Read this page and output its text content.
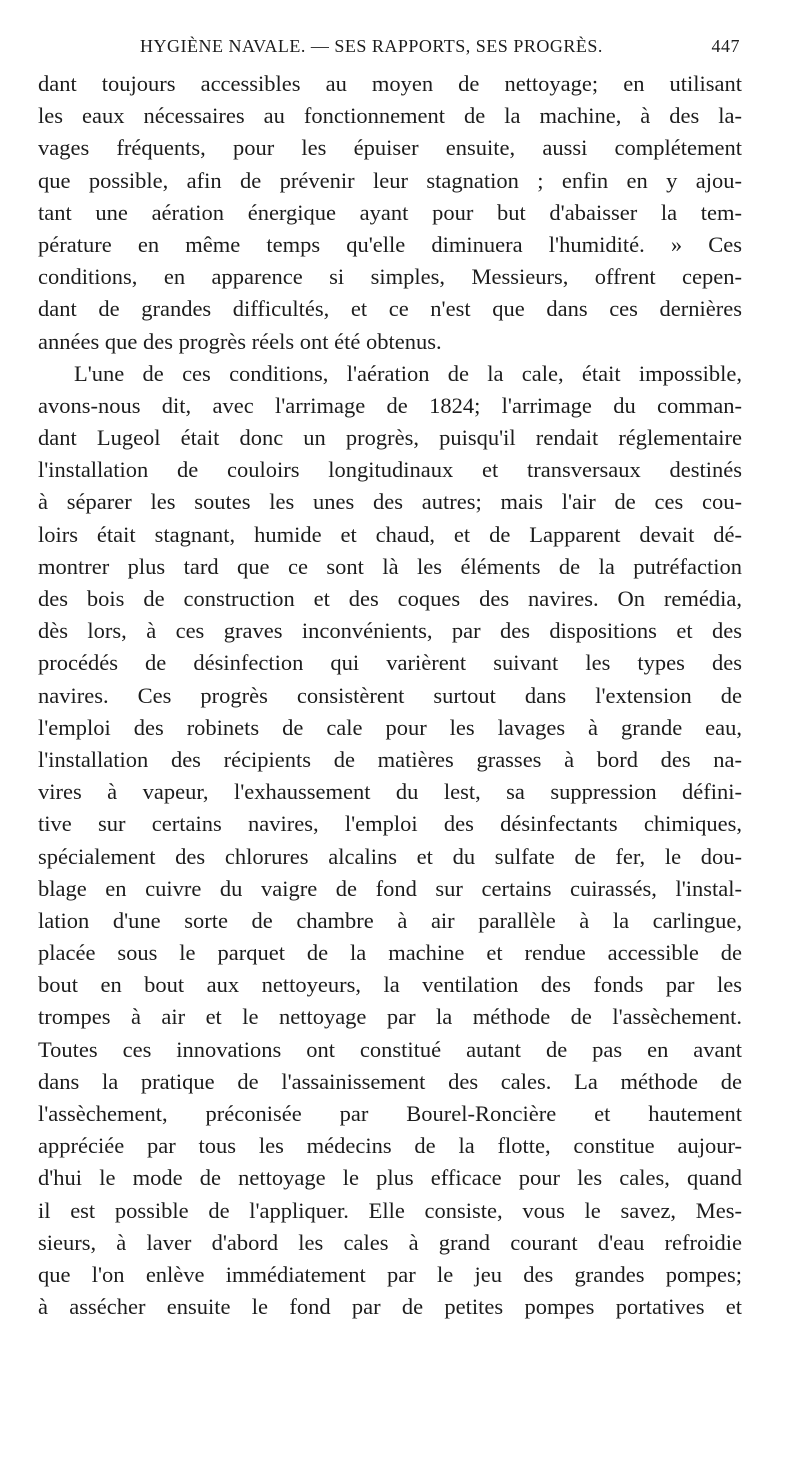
HYGIÈNE NAVALE. — SES RAPPORTS, SES PROGRÈS.	447
dant toujours accessibles au moyen de nettoyage; en utilisant
les eaux nécessaires au fonctionnement de la machine, à des la-
vages fréquents, pour les épuiser ensuite, aussi complétement
que possible, afin de prévenir leur stagnation ; enfin en y ajou-
tant une aération énergique ayant pour but d'abaisser la tem-
pérature en même temps qu'elle diminuera l'humidité. » Ces
conditions, en apparence si simples, Messieurs, offrent cepen-
dant de grandes difficultés, et ce n'est que dans ces dernières
années que des progrès réels ont été obtenus.
L'une de ces conditions, l'aération de la cale, était impossible,
avons-nous dit, avec l'arrimage de 1824; l'arrimage du comman-
dant Lugeol était donc un progrès, puisqu'il rendait réglementaire
l'installation de couloirs longitudinaux et transversaux destinés
à séparer les soutes les unes des autres; mais l'air de ces cou-
loirs était stagnant, humide et chaud, et de Lapparent devait dé-
montrer plus tard que ce sont là les éléments de la putréfaction
des bois de construction et des coques des navires. On remédia,
dès lors, à ces graves inconvénients, par des dispositions et des
procédés de désinfection qui varièrent suivant les types des
navires. Ces progrès consistèrent surtout dans l'extension de
l'emploi des robinets de cale pour les lavages à grande eau,
l'installation des récipients de matières grasses à bord des na-
vires à vapeur, l'exhaussement du lest, sa suppression défini-
tive sur certains navires, l'emploi des désinfectants chimiques,
spécialement des chlorures alcalins et du sulfate de fer, le dou-
blage en cuivre du vaigre de fond sur certains cuirassés, l'instal-
lation d'une sorte de chambre à air parallèle à la carlingue,
placée sous le parquet de la machine et rendue accessible de
bout en bout aux nettoyeurs, la ventilation des fonds par les
trompes à air et le nettoyage par la méthode de l'assèchement.
Toutes ces innovations ont constitué autant de pas en avant
dans la pratique de l'assainissement des cales. La méthode de
l'assèchement, préconisée par Bourel-Roncière et hautement
appréciée par tous les médecins de la flotte, constitue aujour-
d'hui le mode de nettoyage le plus efficace pour les cales, quand
il est possible de l'appliquer. Elle consiste, vous le savez, Mes-
sieurs, à laver d'abord les cales à grand courant d'eau refroidie
que l'on enlève immédiatement par le jeu des grandes pompes;
à assécher ensuite le fond par de petites pompes portatives et
